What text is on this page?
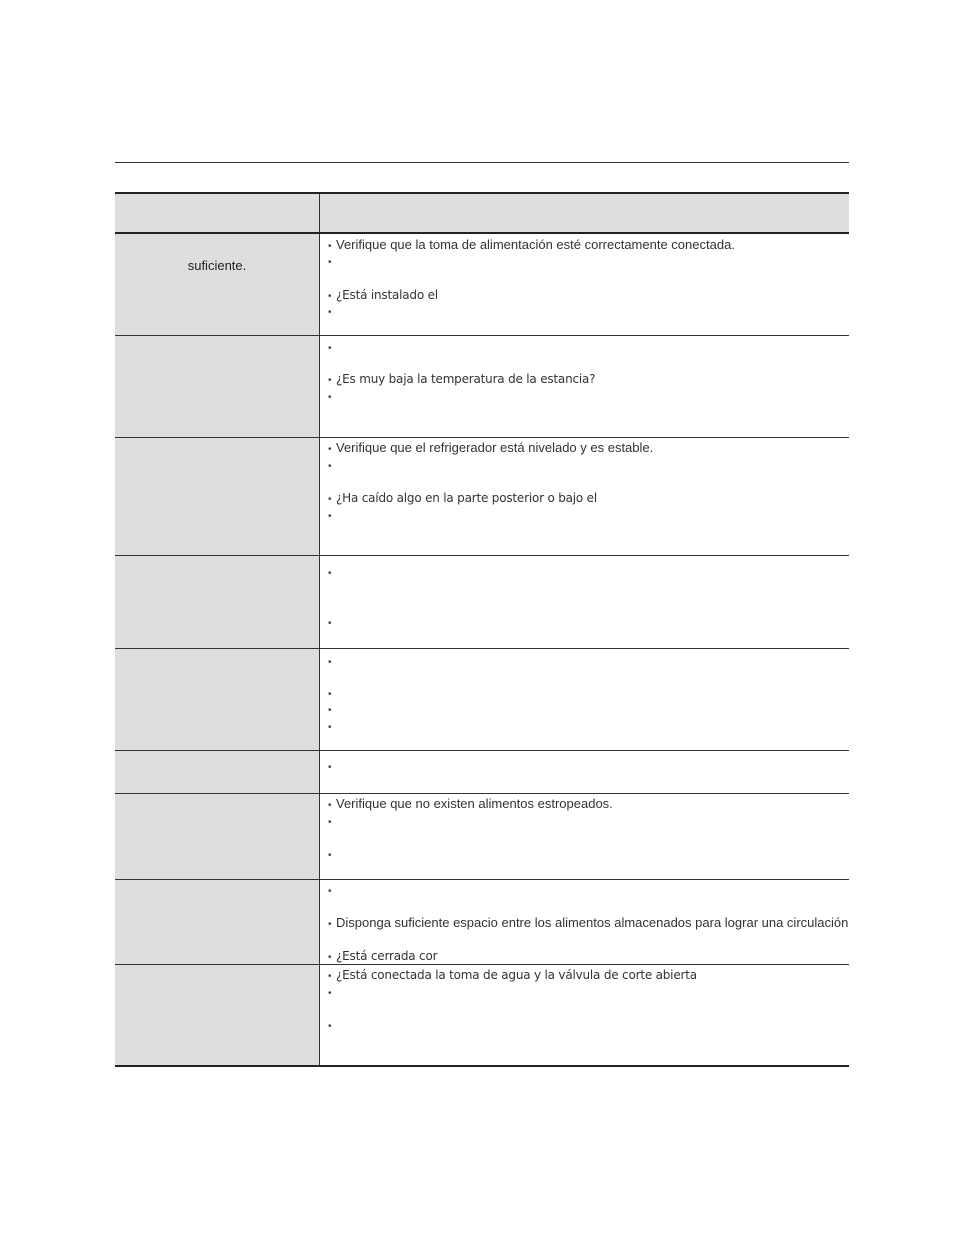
suficiente.
• Verifique que la toma de alimentación esté correctamente conectada.
•
• ¿Está instalado el
•
•
• ¿Es muy baja la temperatura de la estancia?
•
• Verifique que el refrigerador está nivelado y es estable.
•
• ¿Ha caído algo en la parte posterior o bajo el
•
•
•
•
•
•
•
•
• Verifique que no existen alimentos estropeados.
•
•
•
• Disponga suficiente espacio entre los alimentos almacenados para lograr una circulación
• ¿Está cerrada cor
• ¿Está conectada la toma de agua y la válvula de corte abierta
•
•
